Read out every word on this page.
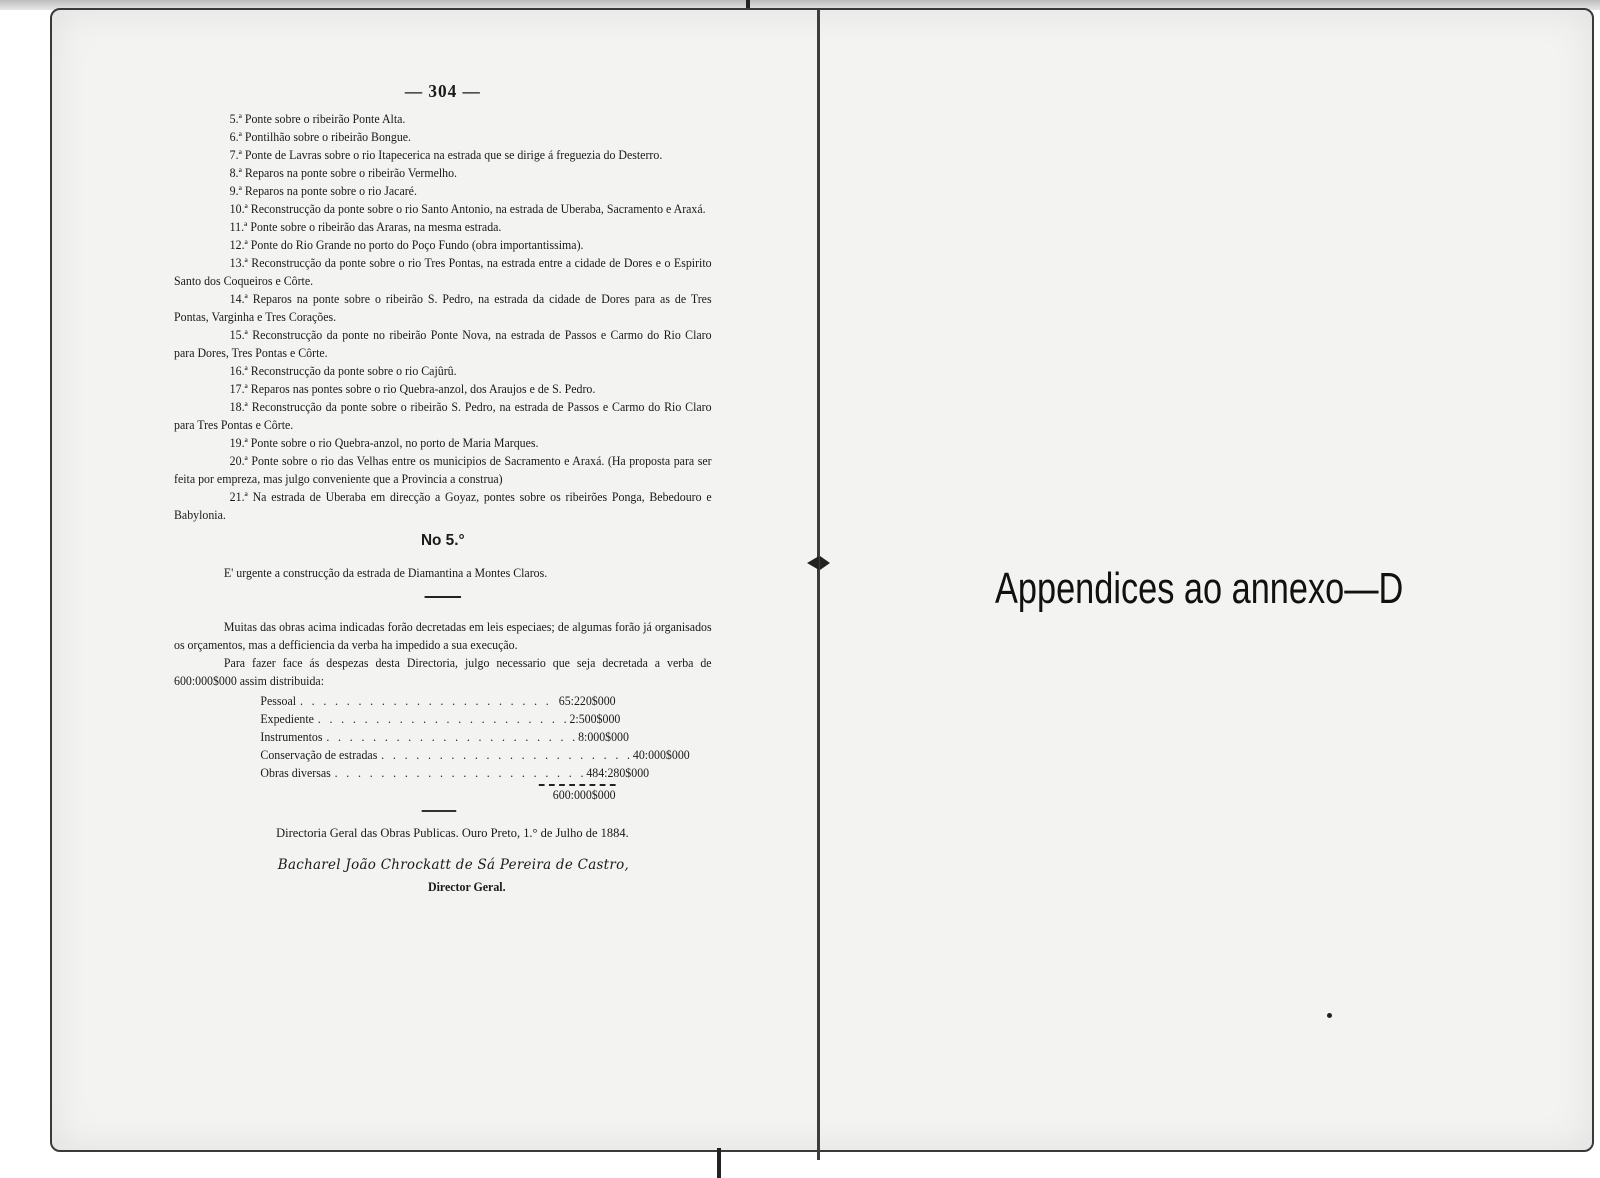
— 304 —
5.ª Ponte sobre o ribeirão Ponte Alta.
6.ª Pontilhão sobre o ribeirão Bongue.
7.ª Ponte de Lavras sobre o rio Itapecerica na estrada que se dirige á freguezia do Desterro.
8.ª Reparos na ponte sobre o ribeirão Vermelho.
9.ª Reparos na ponte sobre o rio Jacaré.
10.ª Reconstrucção da ponte sobre o rio Santo Antonio, na estrada de Uberaba, Sacramento e Araxá.
11.ª Ponte sobre o ribeirão das Araras, na mesma estrada.
12.ª Ponte do Rio Grande no porto do Poço Fundo (obra importantissima).
13.ª Reconstrucção da ponte sobre o rio Tres Pontas, na estrada entre a cidade de Dores e o Espirito Santo dos Coqueiros e Côrte.
14.ª Reparos na ponte sobre o ribeirão S. Pedro, na estrada da cidade de Dores para as de Tres Pontas, Varginha e Tres Corações.
15.ª Reconstrucção da ponte no ribeirão Ponte Nova, na estrada de Passos e Carmo do Rio Claro para Dores, Tres Pontas e Côrte.
16.ª Reconstrucção da ponte sobre o rio Cajûrû.
17.ª Reparos nas pontes sobre o rio Quebra-anzol, dos Araujos e de S. Pedro.
18.ª Reconstrucção da ponte sobre o ribeirão S. Pedro, na estrada de Passos e Carmo do Rio Claro para Tres Pontas e Côrte.
19.ª Ponte sobre o rio Quebra-anzol, no porto de Maria Marques.
20.ª Ponte sobre o rio das Velhas entre os municipios de Sacramento e Araxá. (Ha proposta para ser feita por empreza, mas julgo conveniente que a Provincia a construa)
21.ª Na estrada de Uberaba em direcção a Goyaz, pontes sobre os ribeirões Ponga, Bebedouro e Babylonia.
No 5.°
E' urgente a construcção da estrada de Diamantina a Montes Claros.
Muitas das obras acima indicadas forão decretadas em leis especiaes; de algumas forão já organisados os orçamentos, mas a defficiencia da verba ha impedido a sua execução.
Para fazer face ás despezas desta Directoria, julgo necessario que seja decretada a verba de 600:000$000 assim distribuida:
Pessoal . . . . . . . . . . . . . . . . . . . . . . 65:220$000
Expediente . . . . . . . . . . . . . . . . . . . . . . 2:500$000
Instrumentos . . . . . . . . . . . . . . . . . . . . . . 8:000$000
Conservação de estradas . . . . . . . . . . . . . . . . . . . . . . 40:000$000
Obras diversas . . . . . . . . . . . . . . . . . . . . . . 484:280$000
600:000$000
Directoria Geral das Obras Publicas. Ouro Preto, 1.° de Julho de 1884.
Bacharel João Chrockatt de Sá Pereira de Castro,
Director Geral.
Appendices ao annexo—D
